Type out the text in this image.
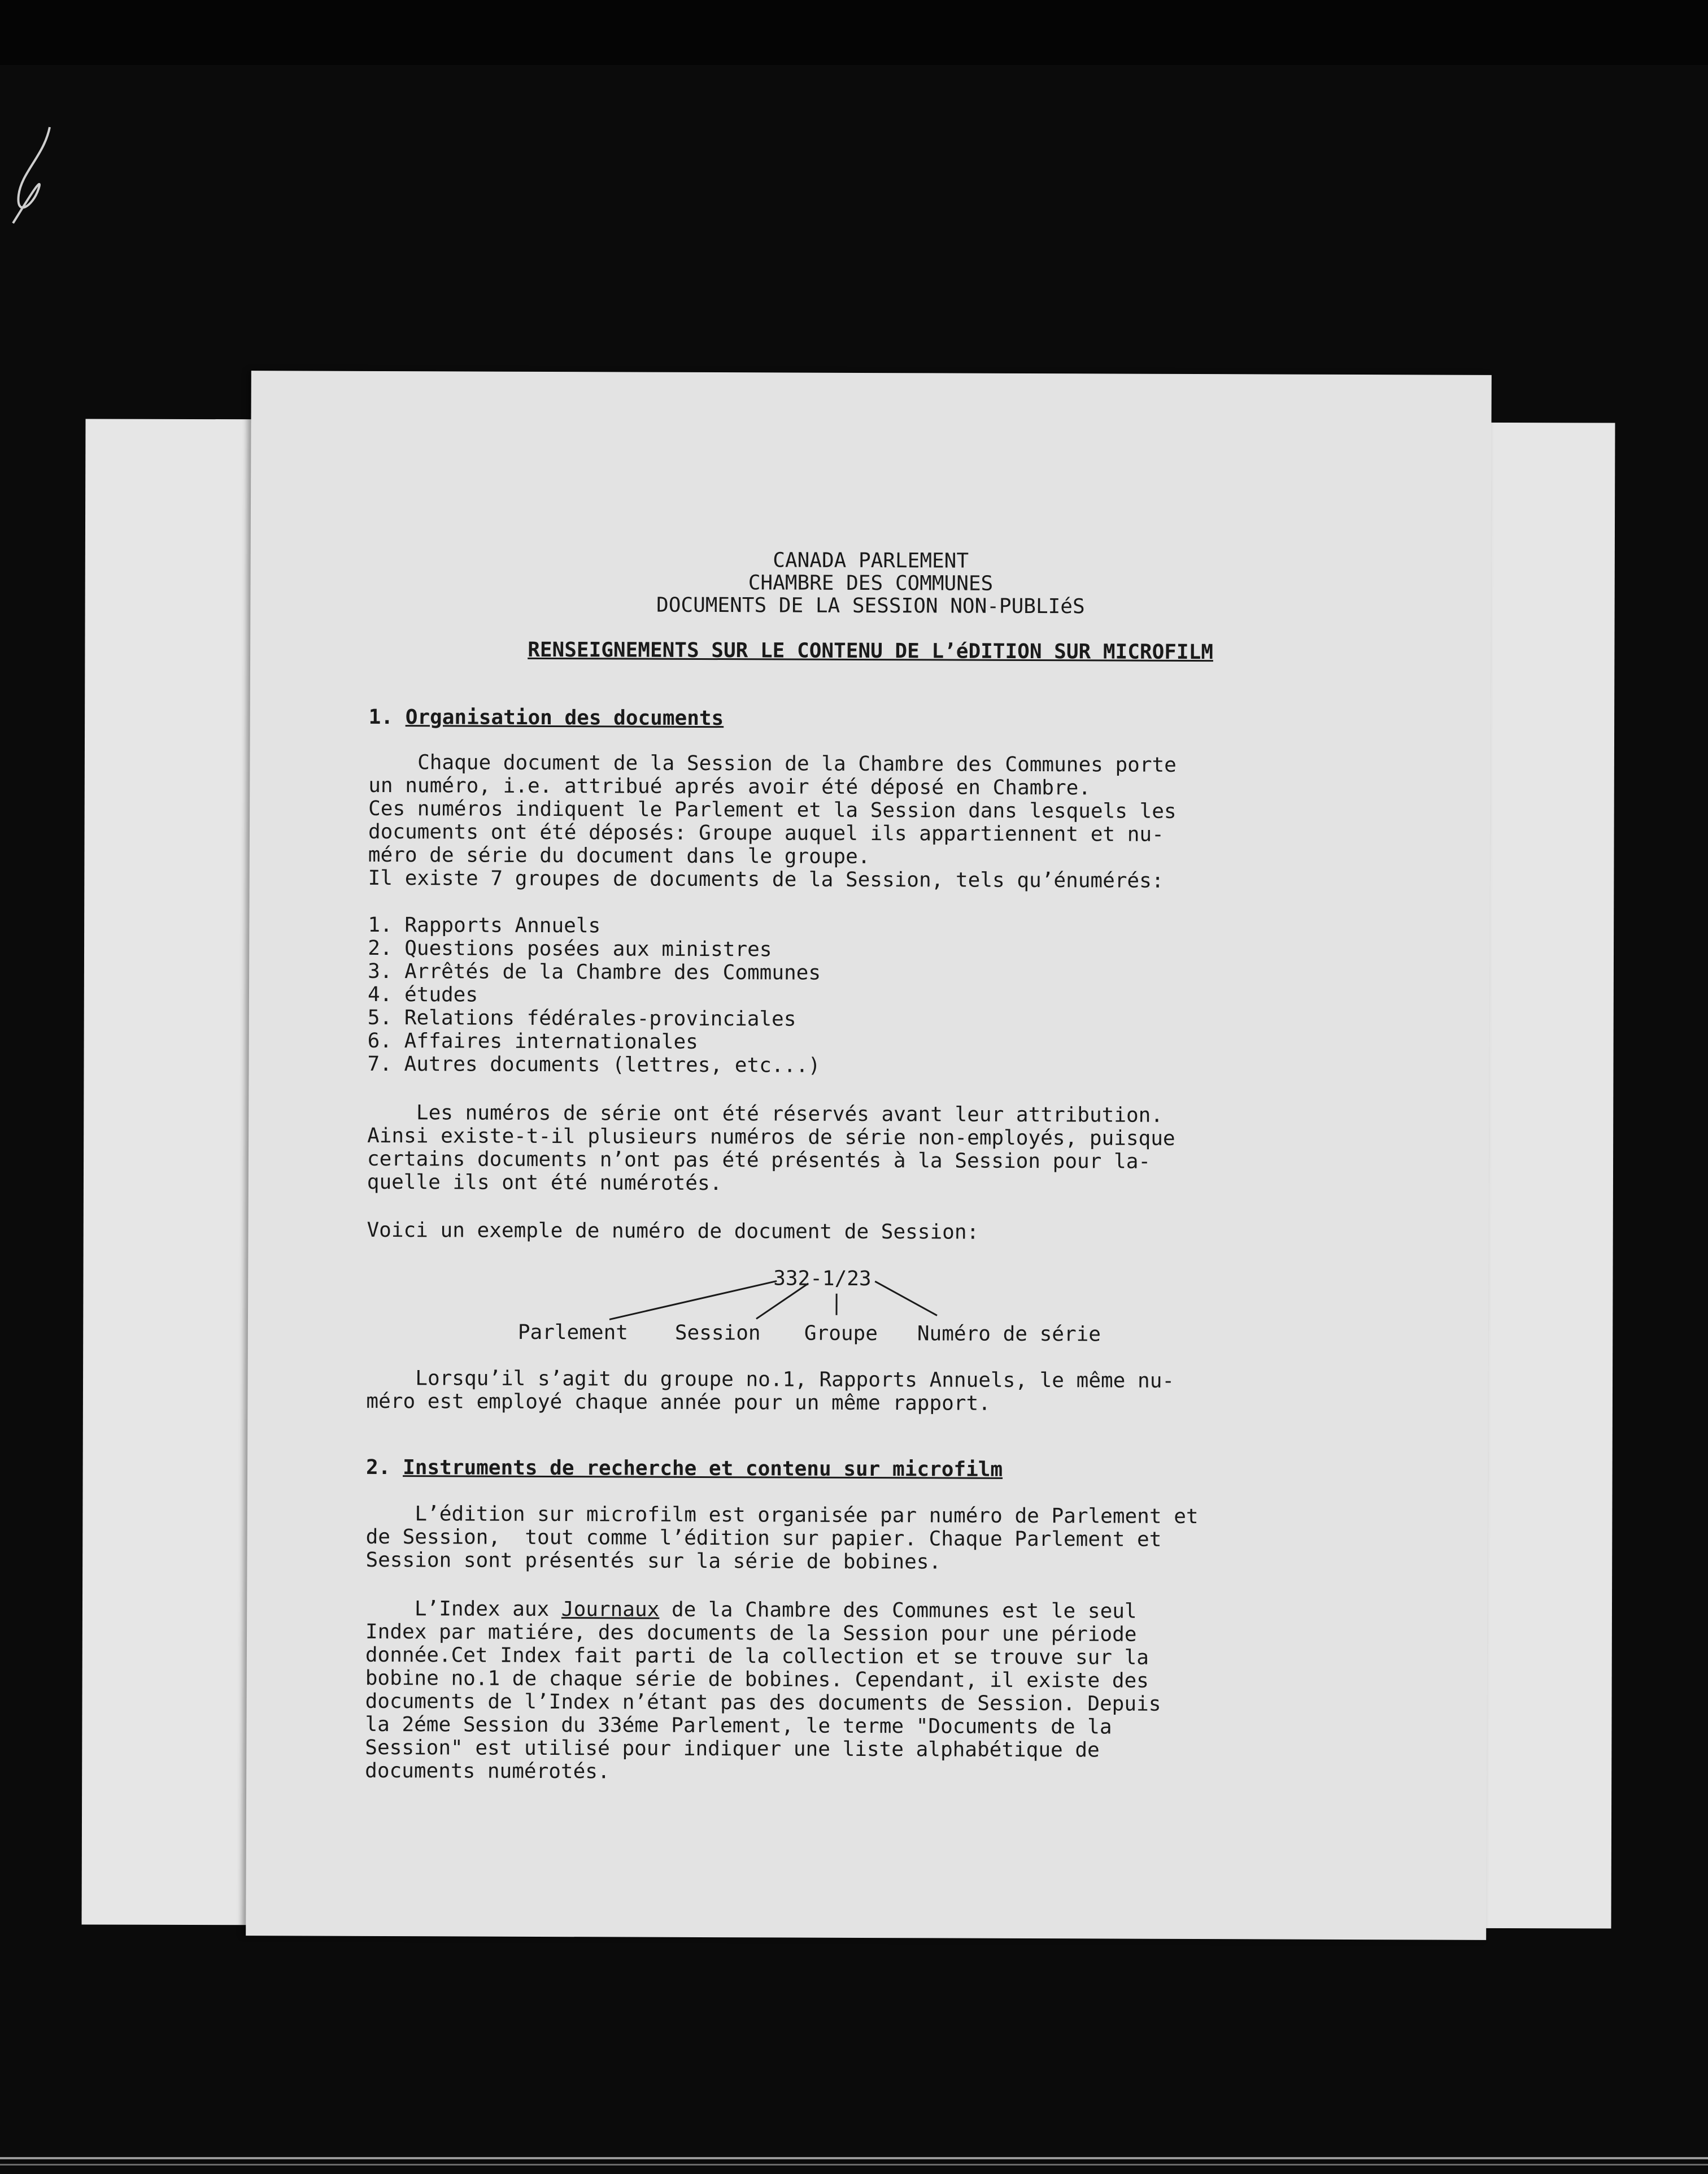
CANADA PARLEMENT
CHAMBRE DES COMMUNES
DOCUMENTS DE LA SESSION NON-PUBLIéS
RENSEIGNEMENTS SUR LE CONTENU DE L’éDITION SUR MICROFILM
1. Organisation des documents
Chaque document de la Session de la Chambre des Communes porte
un numéro, i.e. attribué aprés avoir été déposé en Chambre.
Ces numéros indiquent le Parlement et la Session dans lesquels les
documents ont été déposés: Groupe auquel ils appartiennent et nu-
méro de série du document dans le groupe.
Il existe 7 groupes de documents de la Session, tels qu’énumérés:
1. Rapports Annuels
2. Questions posées aux ministres
3. Arrêtés de la Chambre des Communes
4. études
5. Relations fédérales-provinciales
6. Affaires internationales
7. Autres documents (lettres, etc...)
Les numéros de série ont été réservés avant leur attribution.
Ainsi existe-t-il plusieurs numéros de série non-employés, puisque
certains documents n’ont pas été présentés à la Session pour la-
quelle ils ont été numérotés.
Voici un exemple de numéro de document de Session:
332-1/23
Parlement Session Groupe Numéro de série
Lorsqu’il s’agit du groupe no.1, Rapports Annuels, le même nu-
méro est employé chaque année pour un même rapport.
2. Instruments de recherche et contenu sur microfilm
L’édition sur microfilm est organisée par numéro de Parlement et
de Session,  tout comme l’édition sur papier. Chaque Parlement et
Session sont présentés sur la série de bobines.
L’Index aux Journaux de la Chambre des Communes est le seul
Index par matiére, des documents de la Session pour une période
donnée.Cet Index fait parti de la collection et se trouve sur la
bobine no.1 de chaque série de bobines. Cependant, il existe des
documents de l’Index n’étant pas des documents de Session. Depuis
la 2éme Session du 33éme Parlement, le terme "Documents de la
Session" est utilisé pour indiquer une liste alphabétique de
documents numérotés.
